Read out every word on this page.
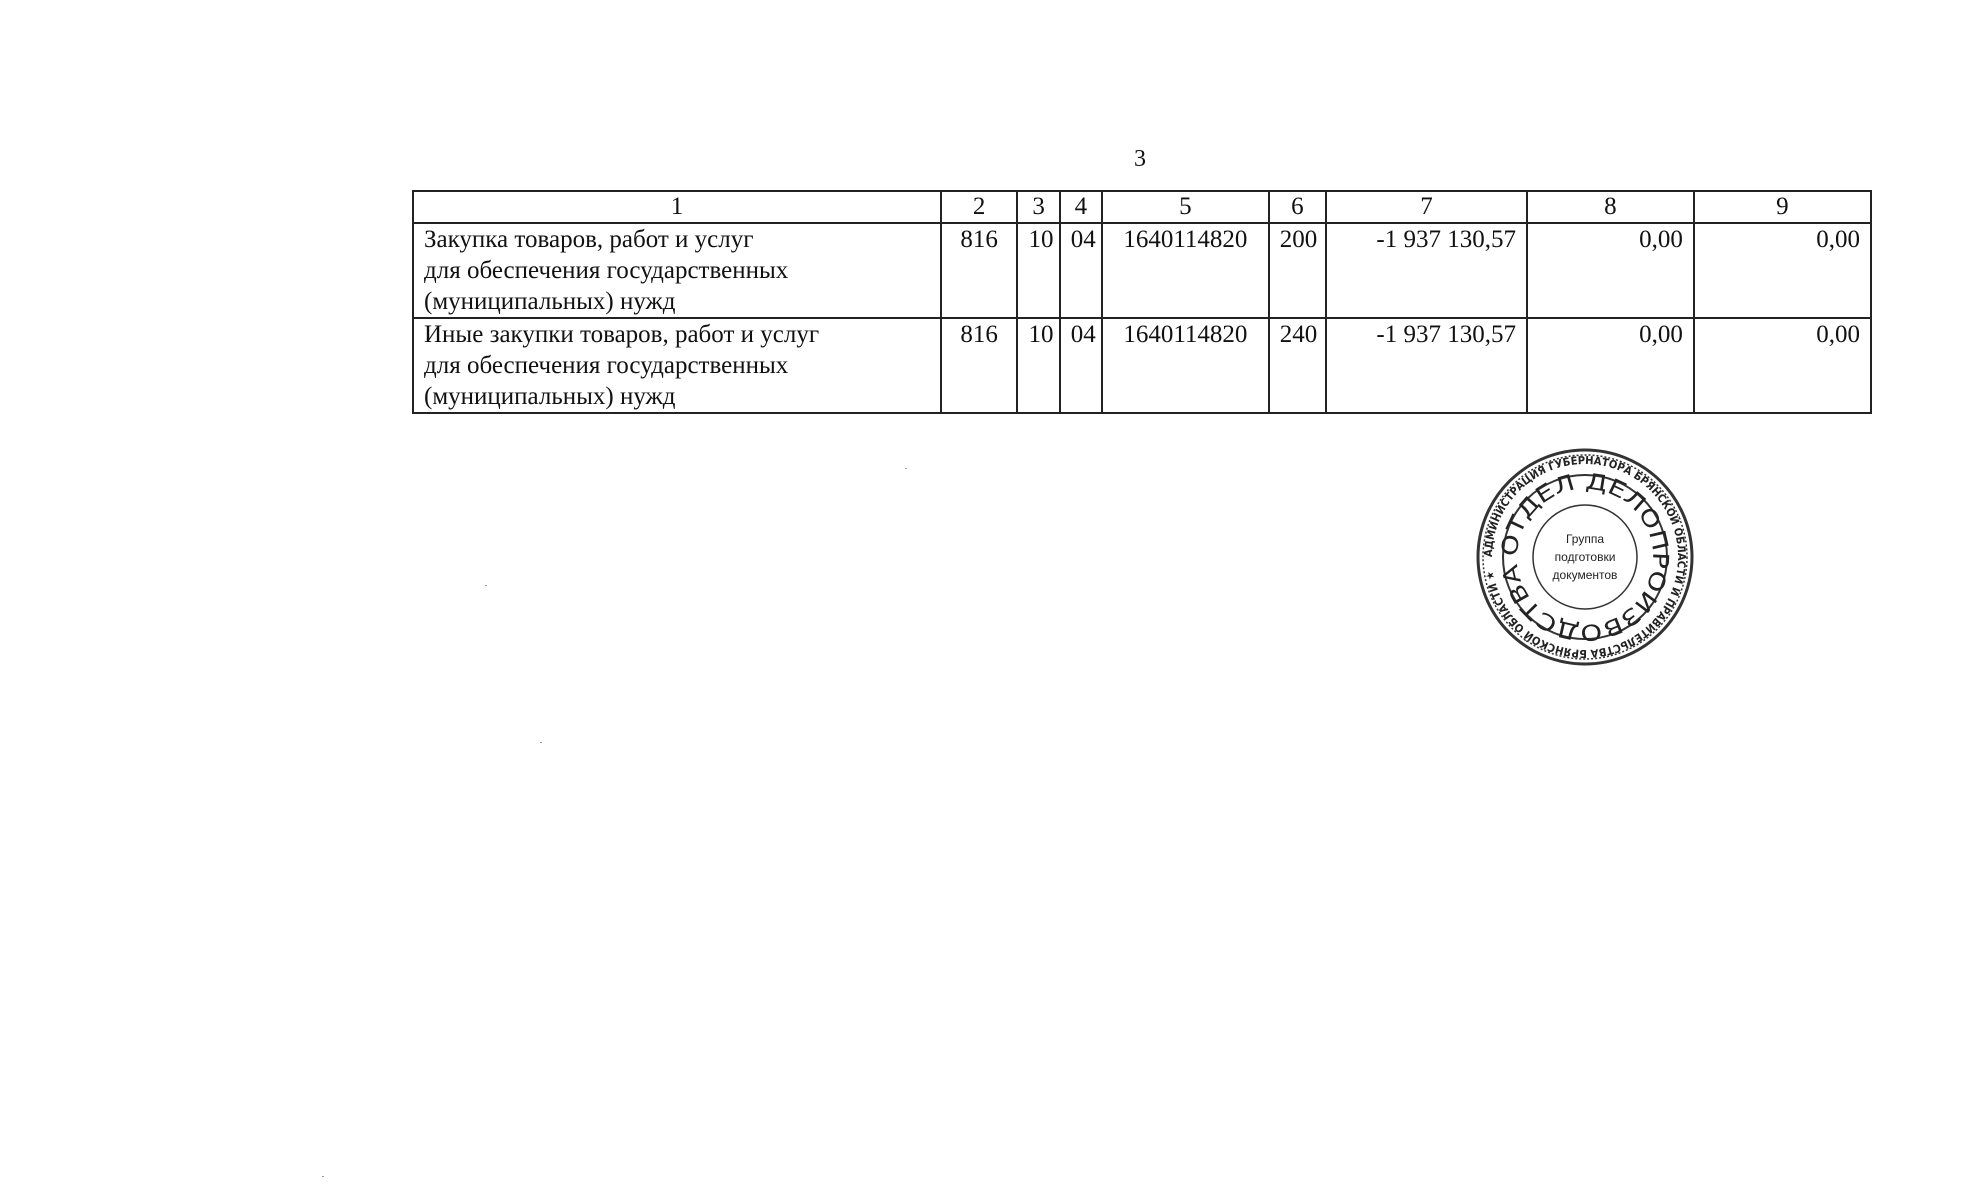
3
1	2	3	4	5	6	7	8	9
Закупка товаров, работ и услуг
для обеспечения государственных
(муниципальных) нужд	816	10	04	1640114820	200	-1 937 130,57	0,00	0,00
Иные закупки товаров, работ и услуг
для обеспечения государственных
(муниципальных) нужд	816	10	04	1640114820	240	-1 937 130,57	0,00	0,00
АДМИНИСТРАЦИЯ ГУБЕРНАТОРА БРЯНСКОЙ ОБЛАСТИ И ПРАВИТЕЛЬСТВА БРЯНСКОЙ ОБЛАСТИ ★
ОТДЕЛ ДЕЛОПРОИЗВОДСТВА
Группа
подготовки
документов
